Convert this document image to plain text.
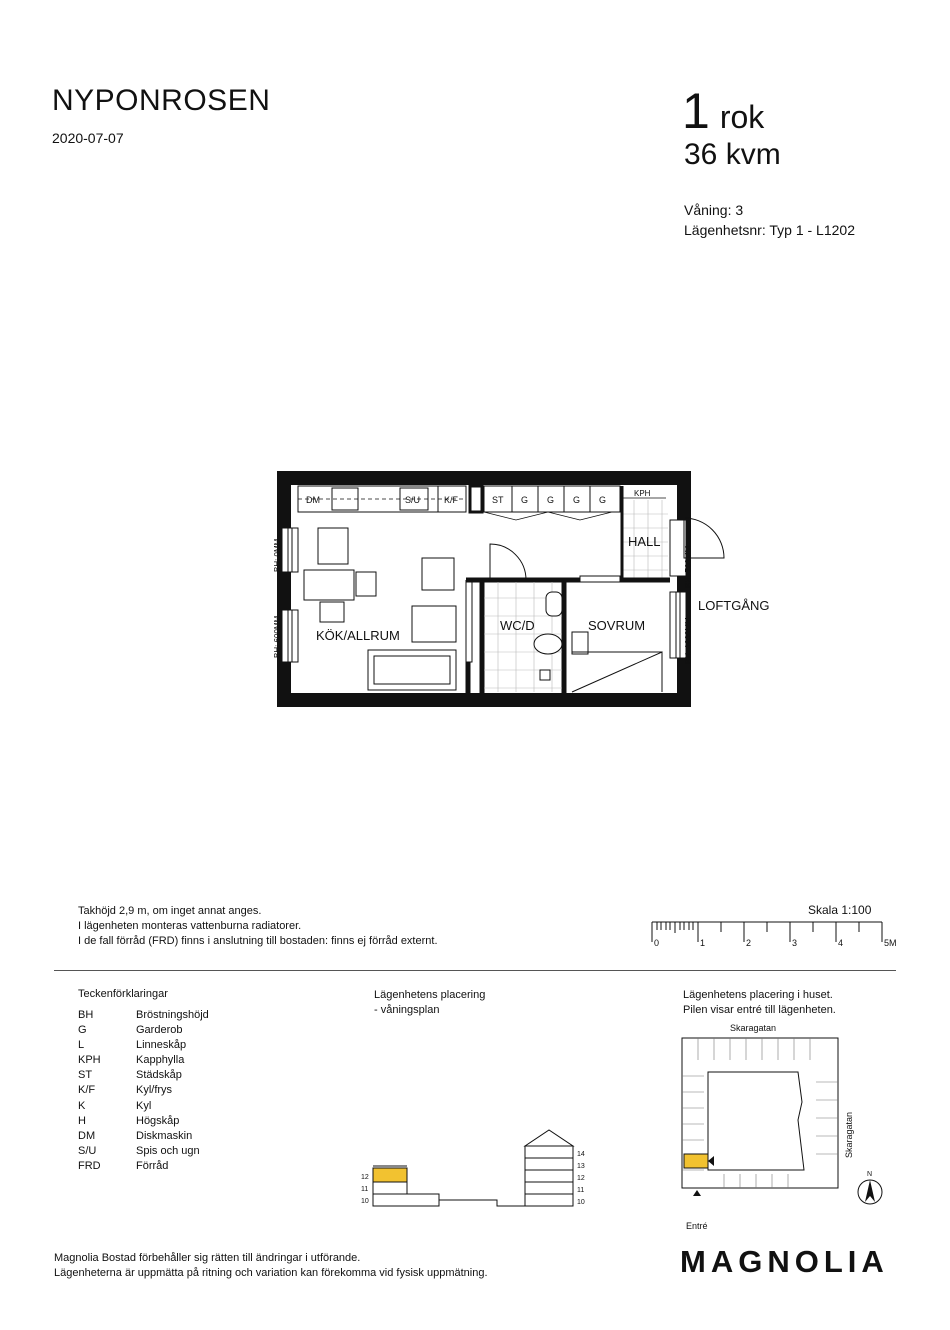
NYPONROSEN
2020-07-07	1 rok
36 kvm
Våning: 3
Lägenhetsnr: Typ 1 - L1202
DM	S/U	K/F	ST G G G G
KPH
HALL
WC/D	SOVRUM
KÖK/ALLRUM
LOFTGÅNG
BH: 0MM
BH: 600MM
BH: 700MM
BH: 1900MM
Takhöjd 2,9 m, om inget annat anges.
I lägenheten monteras vattenburna radiatorer.
I de fall förråd (FRD) finns i anslutning till bostaden: finns ej förråd externt.
Skala 1:100
0	1	2	3	4	5M
Teckenförklaringar
BH	Bröstningshöjd
G	Garderob
L	Linneskåp
KPH	Kapphylla
ST	Städskåp
K/F	Kyl/frys
K	Kyl
H	Högskåp
DM	Diskmaskin
S/U	Spis och ugn
FRD	Förråd
Lägenhetens placering
- våningsplan
12
11
10
14
13
12
11
10
Lägenhetens placering i huset.
Pilen visar entré till lägenheten.
Skaragatan
Entré
Skaragatan
N
Magnolia Bostad förbehåller sig rätten till ändringar i utförande.
Lägenheterna är uppmätta på ritning och variation kan förekomma vid fysisk uppmätning.	MAGNOLIA
